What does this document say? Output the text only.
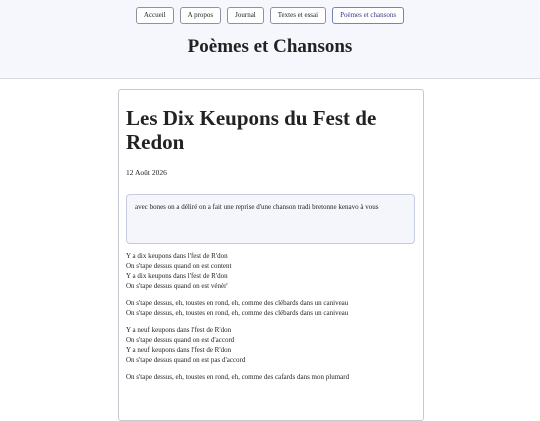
Accueil	A propos	Journal	Textes et essai	Poèmes et chansons
Poèmes et Chansons
Les Dix Keupons du Fest de Redon
12 Août 2026
avec bones on a déliré on a fait une reprise d'une chanson tradi bretonne kenavo à vous
Y a dix keupons dans l'fest de R'don
On s'tape dessus quand on est content
Y a dix keupons dans l'fest de R'don
On s'tape dessus quand on est vénèr'
On s'tape dessus, eh, toustes en rond, eh, comme des clébards dans un caniveau
On s'tape dessus, eh, toustes en rond, eh, comme des clébards dans un caniveau
Y a neuf keupons dans l'fest de R'don
On s'tape dessus quand on est d'accord
Y a neuf keupons dans l'fest de R'don
On s'tape dessus quand on est pas d'accord
On s'tape dessus, eh, toustes en rond, eh, comme des cafards dans mon plumard
